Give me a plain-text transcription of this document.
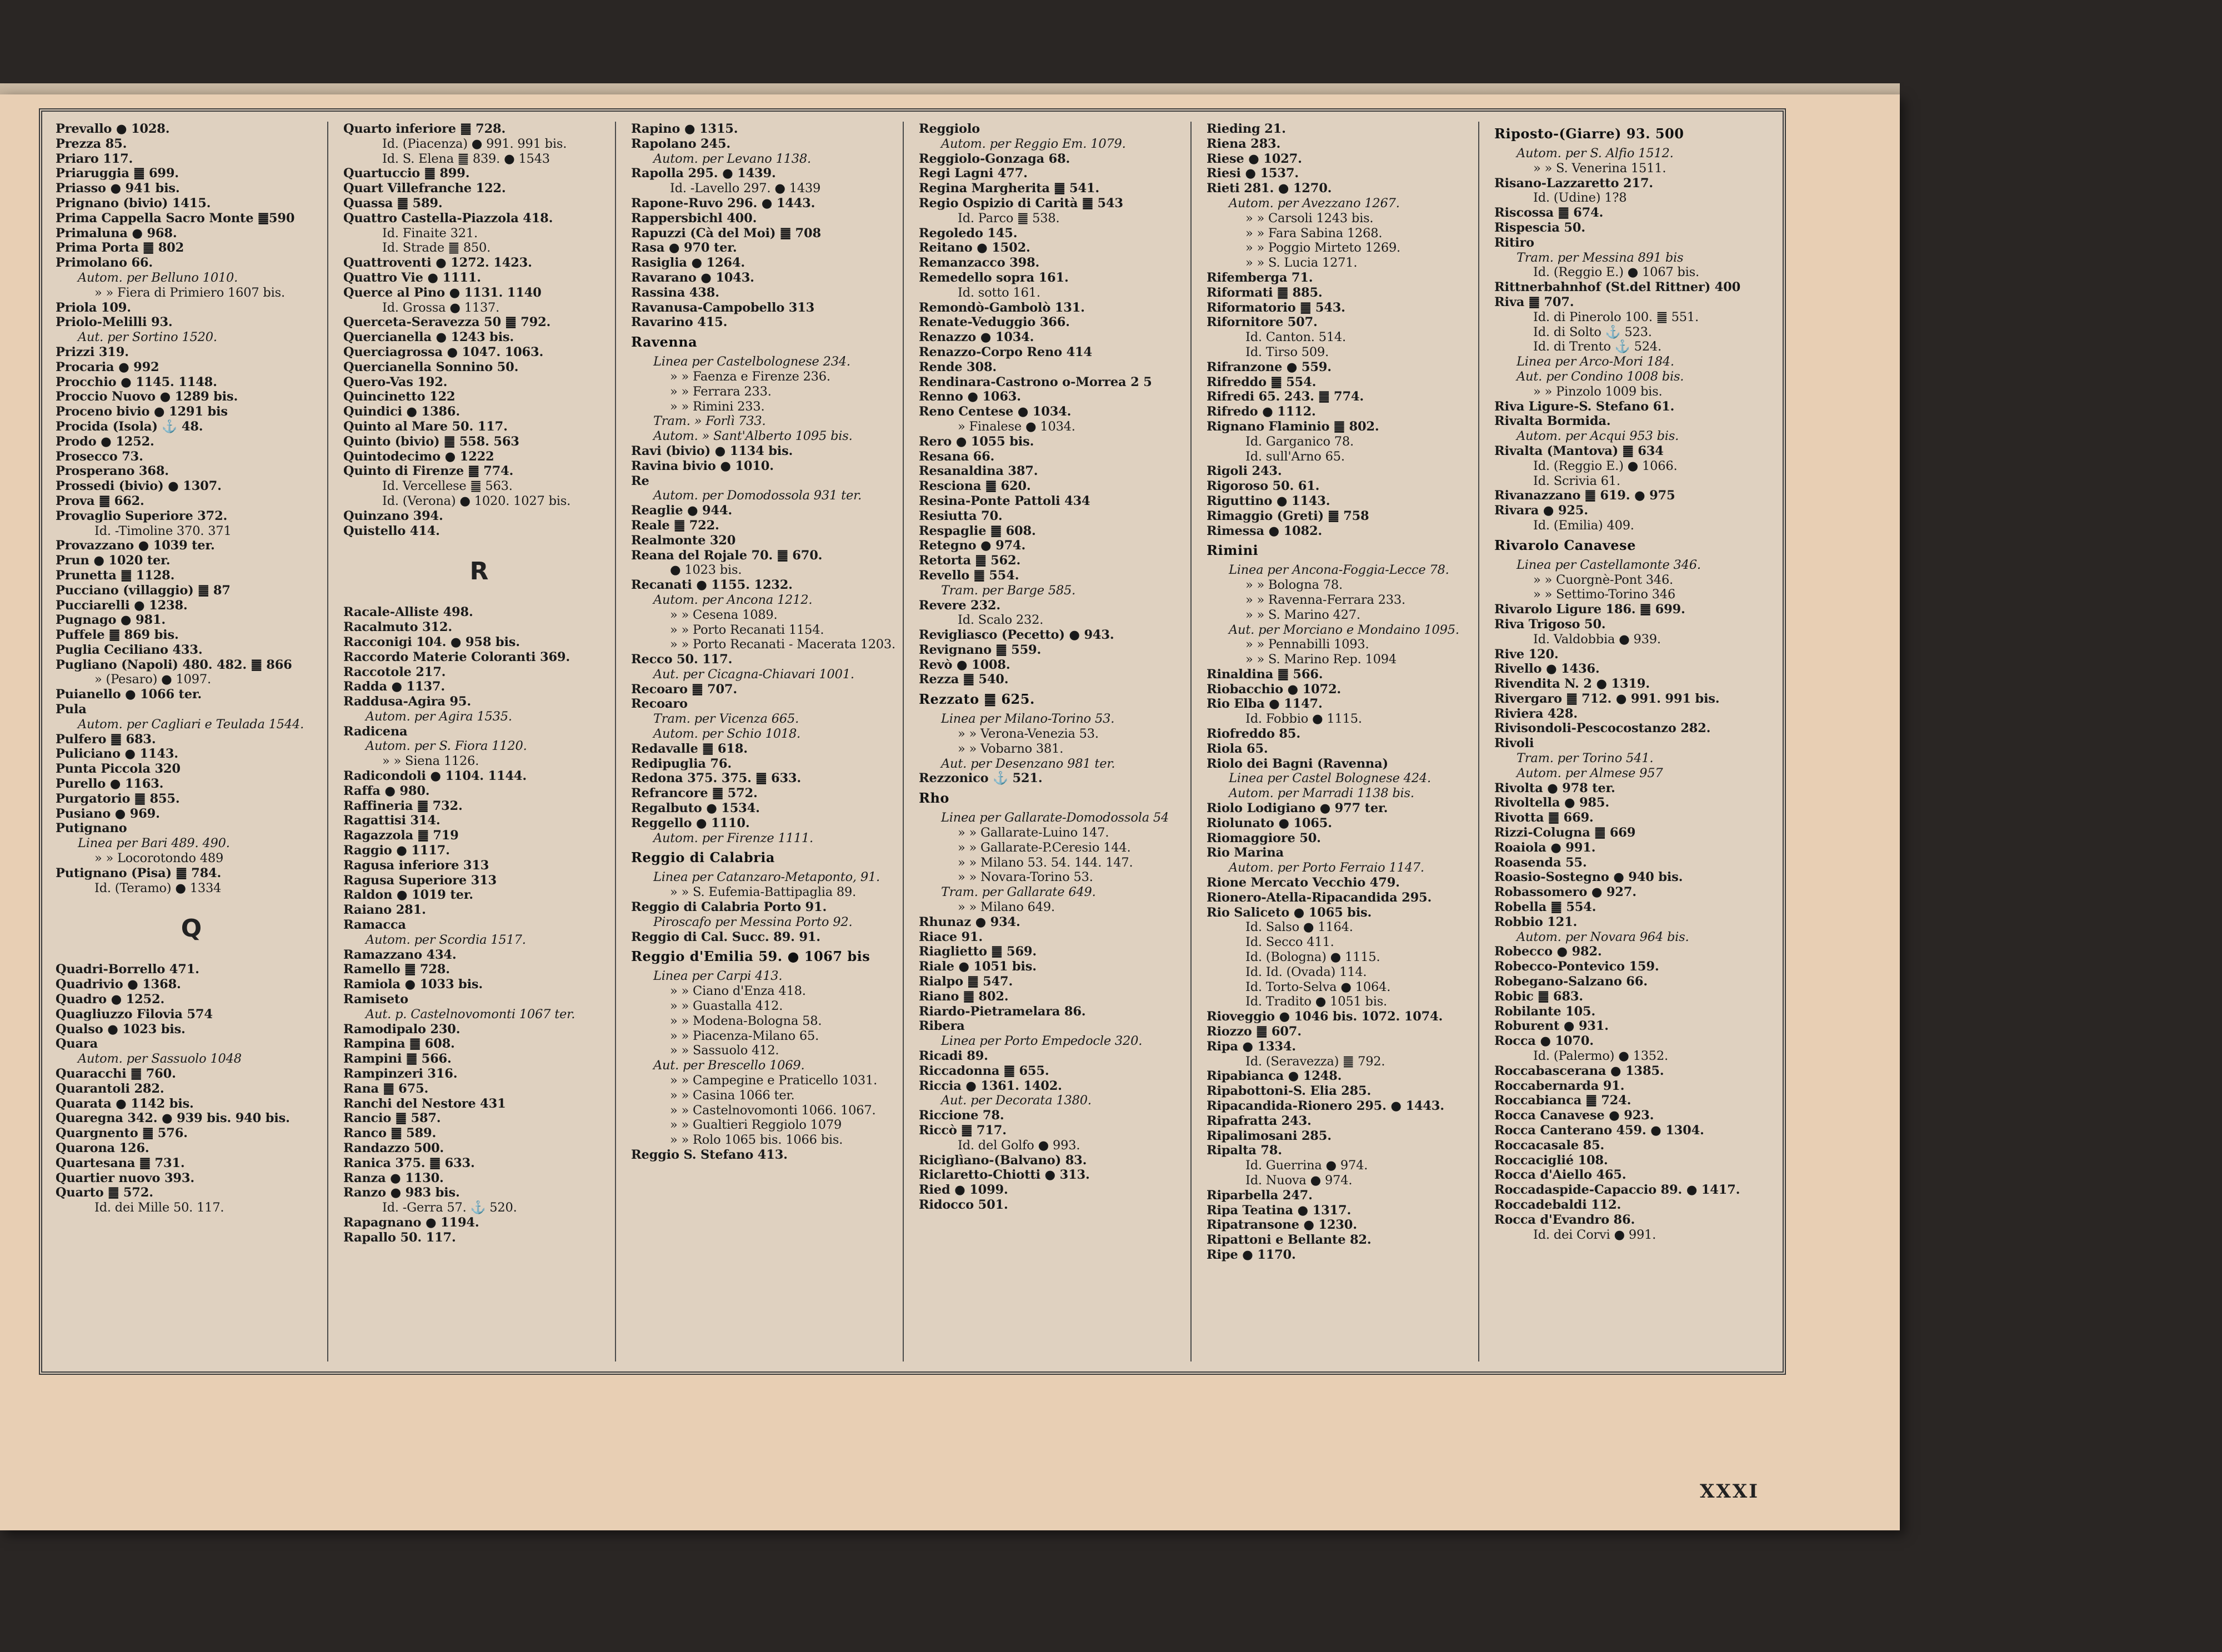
Prevallo ● 1028.
Prezza 85.
Priaro 117.
Priaruggia ䷀ 699.
Priasso ● 941 bis.
Prignano (bivio) 1415.
Prima Cappella Sacro Monte ䷀590
Primaluna ● 968.
Prima Porta ䷀ 802
Primolano 66.
Autom. per Belluno 1010.
» » Fiera di Primiero 1607 bis.
Priola 109.
Priolo-Melilli 93.
Aut. per Sortino 1520.
Prizzi 319.
Procaria ● 992
Procchio ● 1145. 1148.
Proccio Nuovo ● 1289 bis.
Proceno bivio ● 1291 bis
Procida (Isola) ⚓ 48.
Prodo ● 1252.
Prosecco 73.
Prosperano 368.
Prossedi (bivio) ● 1307.
Prova ䷀ 662.
Provaglio Superiore 372.
Id. -Timoline 370. 371
Provazzano ● 1039 ter.
Prun ● 1020 ter.
Prunetta ䷀ 1128.
Pucciano (villaggio) ䷀ 87
Pucciarelli ● 1238.
Pugnago ● 981.
Puffele ䷀ 869 bis.
Puglia Ceciliano 433.
Pugliano (Napoli) 480. 482. ䷀ 866
» (Pesaro) ● 1097.
Puianello ● 1066 ter.
Pula
Autom. per Cagliari e Teulada 1544.
Pulfero ䷀ 683.
Puliciano ● 1143.
Punta Piccola 320
Purello ● 1163.
Purgatorio ䷀ 855.
Pusiano ● 969.
Putignano
Linea per Bari 489. 490.
» » Locorotondo 489
Putignano (Pisa) ䷀ 784.
Id. (Teramo) ● 1334
Q
Quadri-Borrello 471.
Quadrivio ● 1368.
Quadro ● 1252.
Quagliuzzo Filovia 574
Qualso ● 1023 bis.
Quara
Autom. per Sassuolo 1048
Quaracchi ䷀ 760.
Quarantoli 282.
Quarata ● 1142 bis.
Quaregna 342. ● 939 bis. 940 bis.
Quargnento ䷀ 576.
Quarona 126.
Quartesana ䷀ 731.
Quartier nuovo 393.
Quarto ䷀ 572.
Id. dei Mille 50. 117.
Quarto inferiore ䷀ 728.
Id. (Piacenza) ● 991. 991 bis.
Id. S. Elena ䷀ 839. ● 1543
Quartuccio ䷀ 899.
Quart Villefranche 122.
Quassa ䷀ 589.
Quattro Castella-Piazzola 418.
Id. Finaite 321.
Id. Strade ䷀ 850.
Quattroventi ● 1272. 1423.
Quattro Vie ● 1111.
Querce al Pino ● 1131. 1140
Id. Grossa ● 1137.
Querceta-Seravezza 50 ䷀ 792.
Quercianella ● 1243 bis.
Querciagrossa ● 1047. 1063.
Quercianella Sonnino 50.
Quero-Vas 192.
Quincinetto 122
Quindici ● 1386.
Quinto al Mare 50. 117.
Quinto (bivio) ䷀ 558. 563
Quintodecimo ● 1222
Quinto di Firenze ䷀ 774.
Id. Vercellese ䷀ 563.
Id. (Verona) ● 1020. 1027 bis.
Quinzano 394.
Quistello 414.
R
Racale-Alliste 498.
Racalmuto 312.
Racconigi 104. ● 958 bis.
Raccordo Materie Coloranti 369.
Raccotole 217.
Radda ● 1137.
Raddusa-Agira 95.
Autom. per Agira 1535.
Radicena
Autom. per S. Fiora 1120.
» » Siena 1126.
Radicondoli ● 1104. 1144.
Raffa ● 980.
Raffineria ䷀ 732.
Ragattisi 314.
Ragazzola ䷀ 719
Raggio ● 1117.
Ragusa inferiore 313
Ragusa Superiore 313
Raldon ● 1019 ter.
Raiano 281.
Ramacca
Autom. per Scordia 1517.
Ramazzano 434.
Ramello ䷀ 728.
Ramiola ● 1033 bis.
Ramiseto
Aut. p. Castelnovomonti 1067 ter.
Ramodipalo 230.
Rampina ䷀ 608.
Rampini ䷀ 566.
Rampinzeri 316.
Rana ䷀ 675.
Ranchi del Nestore 431
Rancio ䷀ 587.
Ranco ䷀ 589.
Randazzo 500.
Ranica 375. ䷀ 633.
Ranza ● 1130.
Ranzo ● 983 bis.
Id. -Gerra 57. ⚓ 520.
Rapagnano ● 1194.
Rapallo 50. 117.
Rapino ● 1315.
Rapolano 245.
Autom. per Levano 1138.
Rapolla 295. ● 1439.
Id. -Lavello 297. ● 1439
Rapone-Ruvo 296. ● 1443.
Rappersbichl 400.
Rapuzzi (Cà del Moi) ䷀ 708
Rasa ● 970 ter.
Rasiglia ● 1264.
Ravarano ● 1043.
Rassina 438.
Ravanusa-Campobello 313
Ravarino 415.
Ravenna
Linea per Castelbolognese 234.
» » Faenza e Firenze 236.
» » Ferrara 233.
» » Rimini 233.
Tram. » Forlì 733.
Autom. » Sant'Alberto 1095 bis.
Ravi (bivio) ● 1134 bis.
Ravina bivio ● 1010.
Re
Autom. per Domodossola 931 ter.
Reaglie ● 944.
Reale ䷀ 722.
Realmonte 320
Reana del Rojale 70. ䷀ 670.
● 1023 bis.
Recanati ● 1155. 1232.
Autom. per Ancona 1212.
» » Cesena 1089.
» » Porto Recanati 1154.
» » Porto Recanati - Macerata 1203.
Recco 50. 117.
Aut. per Cicagna-Chiavari 1001.
Recoaro ䷀ 707.
Recoaro
Tram. per Vicenza 665.
Autom. per Schio 1018.
Redavalle ䷀ 618.
Redipuglia 76.
Redona 375. 375. ䷀ 633.
Refrancore ䷀ 572.
Regalbuto ● 1534.
Reggello ● 1110.
Autom. per Firenze 1111.
Reggio di Calabria
Linea per Catanzaro-Metaponto, 91.
» » S. Eufemia-Battipaglia 89.
Reggio di Calabria Porto 91.
Piroscafo per Messina Porto 92.
Reggio di Cal. Succ. 89. 91.
Reggio d'Emilia 59. ● 1067 bis
Linea per Carpi 413.
» » Ciano d'Enza 418.
» » Guastalla 412.
» » Modena-Bologna 58.
» » Piacenza-Milano 65.
» » Sassuolo 412.
Aut. per Brescello 1069.
» » Campegine e Praticello 1031.
» » Casina 1066 ter.
» » Castelnovomonti 1066. 1067.
» » Gualtieri Reggiolo 1079
» » Rolo 1065 bis. 1066 bis.
Reggio S. Stefano 413.
Reggiolo
Autom. per Reggio Em. 1079.
Reggiolo-Gonzaga 68.
Regi Lagni 477.
Regina Margherita ䷀ 541.
Regio Ospizio di Carità ䷀ 543
Id. Parco ䷀ 538.
Regoledo 145.
Reitano ● 1502.
Remanzacco 398.
Remedello sopra 161.
Id. sotto 161.
Remondò-Gambolò 131.
Renate-Veduggio 366.
Renazzo ● 1034.
Renazzo-Corpo Reno 414
Rende 308.
Rendinara-Castrono o-Morrea 2 5
Renno ● 1063.
Reno Centese ● 1034.
» Finalese ● 1034.
Rero ● 1055 bis.
Resana 66.
Resanaldina 387.
Resciona ䷀ 620.
Resina-Ponte Pattoli 434
Resiutta 70.
Respaglie ䷀ 608.
Retegno ● 974.
Retorta ䷀ 562.
Revello ䷀ 554.
Tram. per Barge 585.
Revere 232.
Id. Scalo 232.
Revigliasco (Pecetto) ● 943.
Revignano ䷀ 559.
Revò ● 1008.
Rezza ䷀ 540.
Rezzato ䷀ 625.
Linea per Milano-Torino 53.
» » Verona-Venezia 53.
» » Vobarno 381.
Aut. per Desenzano 981 ter.
Rezzonico ⚓ 521.
Rho
Linea per Gallarate-Domodossola 54
» » Gallarate-Luino 147.
» » Gallarate-P.Ceresio 144.
» » Milano 53. 54. 144. 147.
» » Novara-Torino 53.
Tram. per Gallarate 649.
» » Milano 649.
Rhunaz ● 934.
Riace 91.
Riaglietto ䷀ 569.
Riale ● 1051 bis.
Rialpo ䷀ 547.
Riano ䷀ 802.
Riardo-Pietramelara 86.
Ribera
Linea per Porto Empedocle 320.
Ricadi 89.
Riccadonna ䷀ 655.
Riccia ● 1361. 1402.
Aut. per Decorata 1380.
Riccione 78.
Riccò ䷀ 717.
Id. del Golfo ● 993.
Riciglìano-(Balvano) 83.
Riclaretto-Chiotti ● 313.
Ried ● 1099.
Ridocco 501.
Rieding 21.
Riena 283.
Riese ● 1027.
Riesi ● 1537.
Rieti 281. ● 1270.
Autom. per Avezzano 1267.
» » Carsoli 1243 bis.
» » Fara Sabina 1268.
» » Poggio Mirteto 1269.
» » S. Lucia 1271.
Rifemberga 71.
Riformati ䷀ 885.
Riformatorio ䷀ 543.
Rifornitore 507.
Id. Canton. 514.
Id. Tirso 509.
Rifranzone ● 559.
Rifreddo ䷀ 554.
Rifredi 65. 243. ䷀ 774.
Rifredo ● 1112.
Rignano Flaminio ䷀ 802.
Id. Garganico 78.
Id. sull'Arno 65.
Rigoli 243.
Rigoroso 50. 61.
Riguttino ● 1143.
Rimaggio (Greti) ䷀ 758
Rimessa ● 1082.
Rimini
Linea per Ancona-Foggia-Lecce 78.
» » Bologna 78.
» » Ravenna-Ferrara 233.
» » S. Marino 427.
Aut. per Morciano e Mondaino 1095.
» » Pennabilli 1093.
» » S. Marino Rep. 1094
Rinaldina ䷀ 566.
Riobacchio ● 1072.
Rio Elba ● 1147.
Id. Fobbio ● 1115.
Riofreddo 85.
Riola 65.
Riolo dei Bagni (Ravenna)
Linea per Castel Bolognese 424.
Autom. per Marradi 1138 bis.
Riolo Lodigiano ● 977 ter.
Riolunato ● 1065.
Riomaggiore 50.
Rio Marina
Autom. per Porto Ferraio 1147.
Rione Mercato Vecchio 479.
Rionero-Atella-Ripacandida 295.
Rio Saliceto ● 1065 bis.
Id. Salso ● 1164.
Id. Secco 411.
Id. (Bologna) ● 1115.
Id. Id. (Ovada) 114.
Id. Torto-Selva ● 1064.
Id. Tradito ● 1051 bis.
Rioveggio ● 1046 bis. 1072. 1074.
Riozzo ䷀ 607.
Ripa ● 1334.
Id. (Seravezza) ䷀ 792.
Ripabianca ● 1248.
Ripabottoni-S. Elia 285.
Ripacandida-Rionero 295. ● 1443.
Ripafratta 243.
Ripalimosani 285.
Ripalta 78.
Id. Guerrina ● 974.
Id. Nuova ● 974.
Riparbella 247.
Ripa Teatina ● 1317.
Ripatransone ● 1230.
Ripattoni e Bellante 82.
Ripe ● 1170.
Riposto-(Giarre) 93. 500
Autom. per S. Alfio 1512.
» » S. Venerina 1511.
Risano-Lazzaretto 217.
Id. (Udine) 1?8
Riscossa ䷀ 674.
Rispescia 50.
Ritiro
Tram. per Messina 891 bis
Id. (Reggio E.) ● 1067 bis.
Rittnerbahnhof (St.del Rittner) 400
Riva ䷀ 707.
Id. di Pinerolo 100. ䷀ 551.
Id. di Solto ⚓ 523.
Id. di Trento ⚓ 524.
Linea per Arco-Mori 184.
Aut. per Condino 1008 bis.
» » Pinzolo 1009 bis.
Riva Ligure-S. Stefano 61.
Rivalta Bormida.
Autom. per Acqui 953 bis.
Rivalta (Mantova) ䷀ 634
Id. (Reggio E.) ● 1066.
Id. Scrivia 61.
Rivanazzano ䷀ 619. ● 975
Rivara ● 925.
Id. (Emilia) 409.
Rivarolo Canavese
Linea per Castellamonte 346.
» » Cuorgnè-Pont 346.
» » Settimo-Torino 346
Rivarolo Ligure 186. ䷀ 699.
Riva Trigoso 50.
Id. Valdobbia ● 939.
Rive 120.
Rivello ● 1436.
Rivendita N. 2 ● 1319.
Rivergaro ䷀ 712. ● 991. 991 bis.
Riviera 428.
Rivisondoli-Pescocostanzo 282.
Rivoli
Tram. per Torino 541.
Autom. per Almese 957
Rivolta ● 978 ter.
Rivoltella ● 985.
Rivotta ䷀ 669.
Rizzi-Colugna ䷀ 669
Roaiola ● 991.
Roasenda 55.
Roasio-Sostegno ● 940 bis.
Robassomero ● 927.
Robella ䷀ 554.
Robbio 121.
Autom. per Novara 964 bis.
Robecco ● 982.
Robecco-Pontevico 159.
Robegano-Salzano 66.
Robic ䷀ 683.
Robilante 105.
Roburent ● 931.
Rocca ● 1070.
Id. (Palermo) ● 1352.
Roccabascerana ● 1385.
Roccabernarda 91.
Roccabianca ䷀ 724.
Rocca Canavese ● 923.
Rocca Canterano 459. ● 1304.
Roccacasale 85.
Roccaciglié 108.
Rocca d'Aiello 465.
Roccadaspide-Capaccio 89. ● 1417.
Roccadebaldi 112.
Rocca d'Evandro 86.
Id. dei Corvi ● 991.
XXXI
